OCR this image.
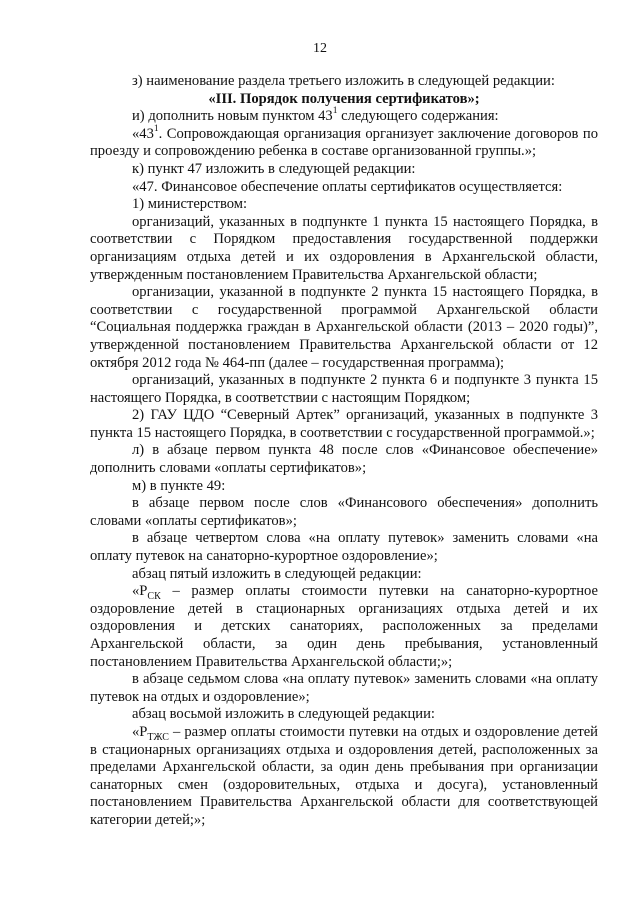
12

з) наименование раздела третьего изложить в следующей редакции:

«III. Порядок получения сертификатов»;

и) дополнить новым пунктом $43^1$ следующего содержания:

«$43^1$. Сопровождающая организация организует заключение договоров по проезду и сопровождению ребенка в составе организованной группы.»;

к) пункт 47 изложить в следующей редакции:

«47. Финансовое обеспечение оплаты сертификатов осуществляется:

1) министерством:

организаций, указанных в подпункте 1 пункта 15 настоящего Порядка, в соответствии с Порядком предоставления государственной поддержки организациям отдыха детей и их оздоровления в Архангельской области, утвержденным постановлением Правительства Архангельской области;

организации, указанной в подпункте 2 пункта 15 настоящего Порядка, в соответствии с государственной программой Архангельской области “Социальная поддержка граждан в Архангельской области (2013 – 2020 годы)”, утвержденной постановлением Правительства Архангельской области от 12 октября 2012 года № 464-пп (далее – государственная программа);

организаций, указанных в подпункте 2 пункта 6 и подпункте 3 пункта 15 настоящего Порядка, в соответствии с настоящим Порядком;

2) ГАУ ЦДО “Северный Артек” организаций, указанных в подпункте 3 пункта 15 настоящего Порядка, в соответствии с государственной программой.»;

л) в абзаце первом пункта 48 после слов «Финансовое обеспечение» дополнить словами «оплаты сертификатов»;

м) в пункте 49:

в абзаце первом после слов «Финансового обеспечения» дополнить словами «оплаты сертификатов»;

в абзаце четвертом слова «на оплату путевок» заменить словами «на оплату путевок на санаторно-курортное оздоровление»;

абзац пятый изложить в следующей редакции:

«$Р_{СК}$ – размер оплаты стоимости путевки на санаторно-курортное оздоровление детей в стационарных организациях отдыха детей и их оздоровления и детских санаториях, расположенных за пределами Архангельской области, за один день пребывания, установленный постановлением Правительства Архангельской области;»;

в абзаце седьмом слова «на оплату путевок» заменить словами «на оплату путевок на отдых и оздоровление»;

абзац восьмой изложить в следующей редакции:

«$Р_{ТЖС}$ – размер оплаты стоимости путевки на отдых и оздоровление детей в стационарных организациях отдыха и оздоровления детей, расположенных за пределами Архангельской области, за один день пребывания при организации санаторных смен (оздоровительных, отдыха и досуга), установленный постановлением Правительства Архангельской области для соответствующей категории детей;»;
